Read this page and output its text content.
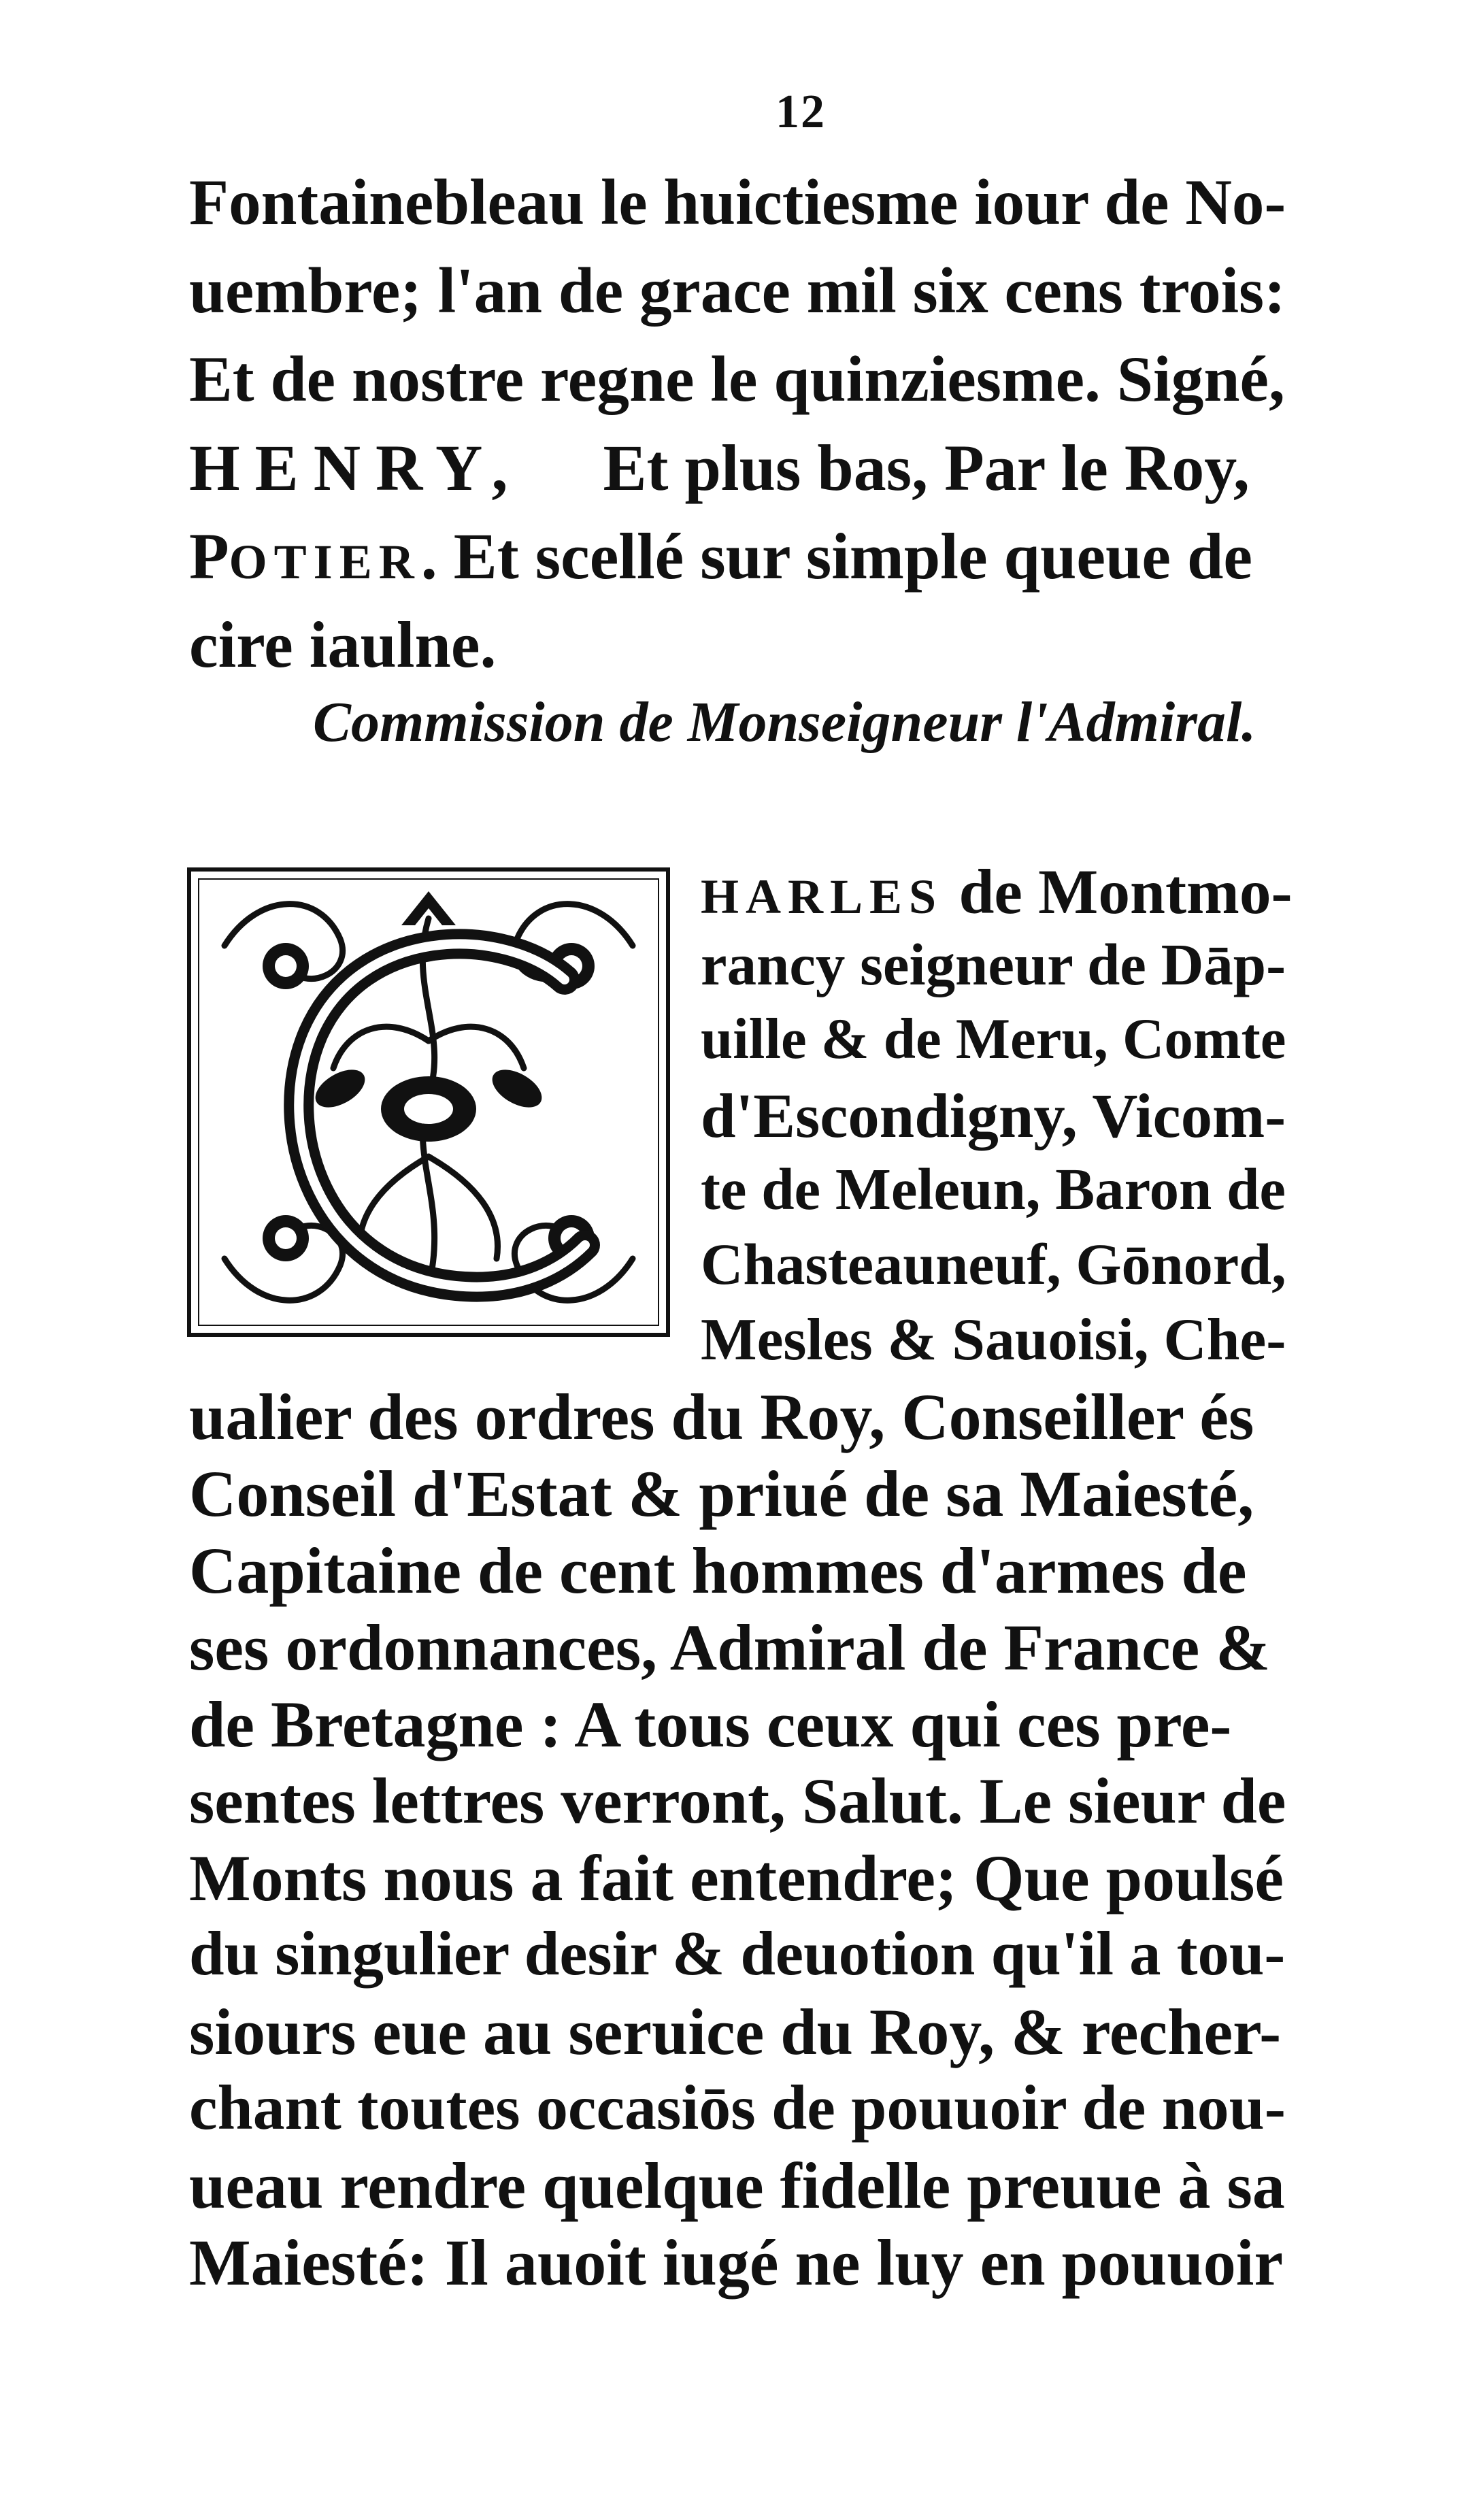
12
Fontainebleau le huictiesme iour de No-
uembre; l'an de grace mil six cens trois:
Et de nostre regne le quinziesme. Signé,
HENRY, Et plus bas, Par le Roy,
POTIER. Et scellé sur simple queue de
cire iaulne.
Commission de Monseigneur l'Admiral.
HARLES de Montmo-
rancy seigneur de Dāp-
uille & de Meru, Comte
d'Escondigny, Vicom-
te de Meleun, Baron de
Chasteauneuf, Gōnord,
Mesles & Sauoisi, Che-
ualier des ordres du Roy, Conseiller és
Conseil d'Estat & priué de sa Maiesté,
Capitaine de cent hommes d'armes de
ses ordonnances, Admiral de France &
de Bretagne : A tous ceux qui ces pre-
sentes lettres verront, Salut. Le sieur de
Monts nous a fait entendre; Que poulsé
du singulier desir & deuotion qu'il a tou-
siours eue au seruice du Roy, & recher-
chant toutes occasiōs de pouuoir de nou-
ueau rendre quelque fidelle preuue à sa
Maiesté: Il auoit iugé ne luy en pouuoir
